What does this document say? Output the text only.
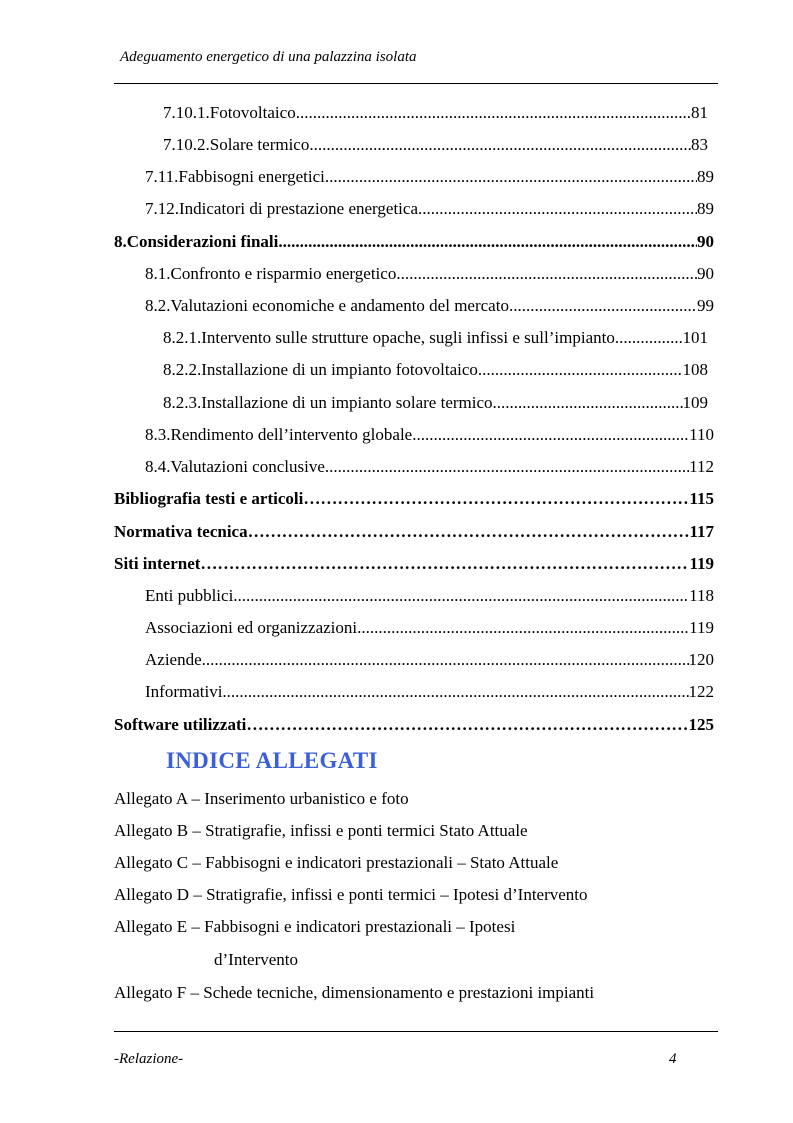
Adeguamento energetico di una palazzina isolata
7.10.1. Fotovoltaico .....	81
7.10.2. Solare termico .....	83
7.11. Fabbisogni energetici .....	89
7.12. Indicatori di prestazione energetica .....	89
8. Considerazioni finali .....	90
8.1. Confronto e risparmio energetico .....	90
8.2. Valutazioni economiche e andamento del mercato .....	99
8.2.1. Intervento sulle strutture opache, sugli infissi e sull’impianto .....	101
8.2.2. Installazione di un impianto fotovoltaico .....	108
8.2.3. Installazione di un impianto solare termico .....	109
8.3. Rendimento dell’intervento globale .....	110
8.4. Valutazioni conclusive .....	112
Bibliografia testi e articoli …………………………………………………………………………………………………………………………………………………………………	115
Normativa tecnica …………………………………………………………………………………………………………………………………………………………………	117
Siti internet …………………………………………………………………………………………………………………………………………………………………	119
Enti pubblici .....	118
Associazioni ed organizzazioni .....	119
Aziende .....	120
Informativi .....	122
Software utilizzati …………………………………………………………………………………………………………………………………………………………………	125
INDICE ALLEGATI
Allegato A – Inserimento urbanistico e foto
Allegato B – Stratigrafie, infissi e ponti termici Stato Attuale
Allegato C – Fabbisogni e indicatori prestazionali – Stato Attuale
Allegato D – Stratigrafie, infissi e ponti termici – Ipotesi d’Intervento
Allegato E – Fabbisogni e indicatori prestazionali – Ipotesi
d’Intervento
Allegato F – Schede tecniche, dimensionamento e prestazioni impianti
-Relazione-	4
